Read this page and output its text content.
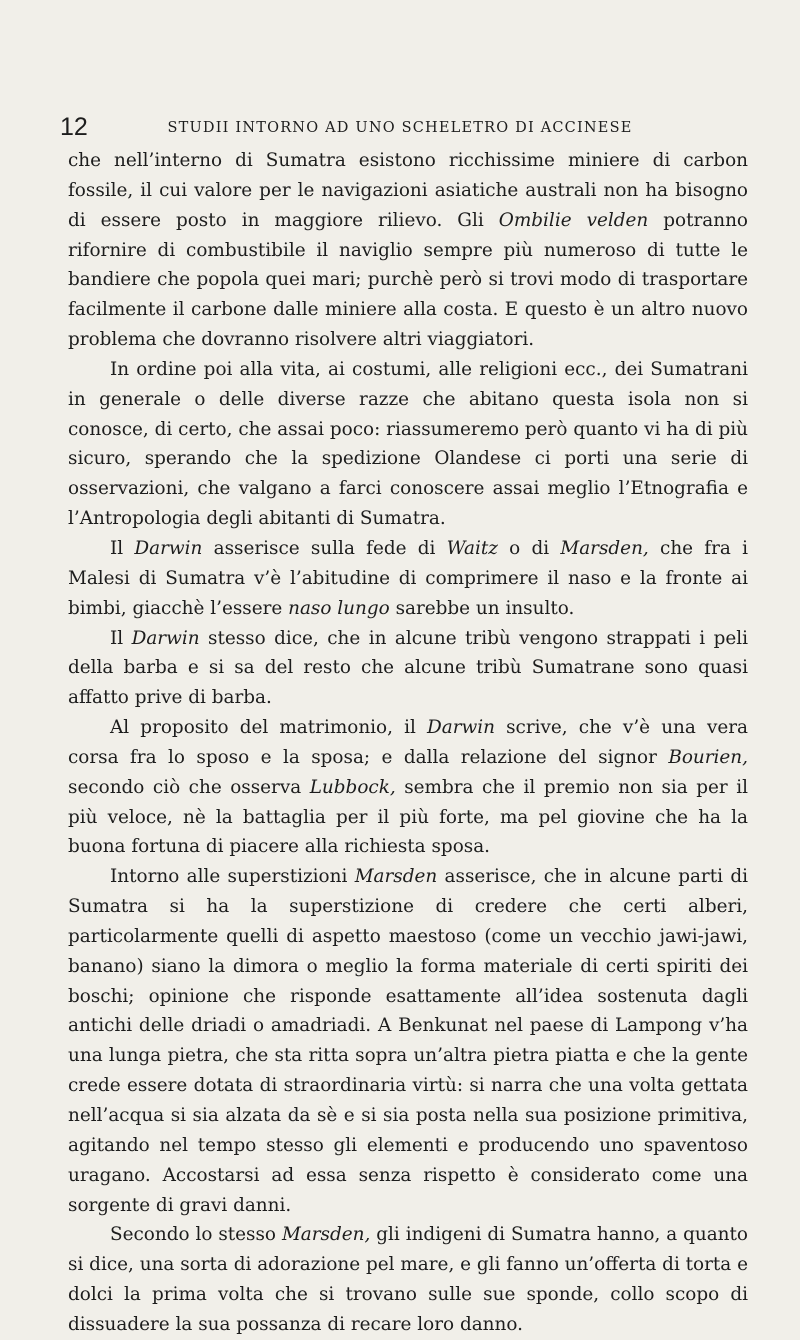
12	STUDII INTORNO AD UNO SCHELETRO DI ACCINESE

che nell’interno di Sumatra esistono ricchissime miniere di carbon fossile, il cui valore per le navigazioni asiatiche australi non ha bisogno di essere posto in maggiore rilievo. Gli Ombilie velden potranno rifornire di combustibile il naviglio sempre più numeroso di tutte le bandiere che popola quei mari; purchè però si trovi modo di trasportare facilmente il carbone dalle miniere alla costa. E questo è un altro nuovo problema che dovranno risolvere altri viaggiatori.

In ordine poi alla vita, ai costumi, alle religioni ecc., dei Sumatrani in generale o delle diverse razze che abitano questa isola non si conosce, di certo, che assai poco: riassumeremo però quanto vi ha di più sicuro, sperando che la spedizione Olandese ci porti una serie di osservazioni, che valgano a farci conoscere assai meglio l’Etnografia e l’Antropologia degli abitanti di Sumatra.

Il Darwin asserisce sulla fede di Waitz o di Marsden, che fra i Malesi di Sumatra v’è l’abitudine di comprimere il naso e la fronte ai bimbi, giacchè l’essere naso lungo sarebbe un insulto.

Il Darwin stesso dice, che in alcune tribù vengono strappati i peli della barba e si sa del resto che alcune tribù Sumatrane sono quasi affatto prive di barba.

Al proposito del matrimonio, il Darwin scrive, che v’è una vera corsa fra lo sposo e la sposa; e dalla relazione del signor Bourien, secondo ciò che osserva Lubbock, sembra che il premio non sia per il più veloce, nè la battaglia per il più forte, ma pel giovine che ha la buona fortuna di piacere alla richiesta sposa.

Intorno alle superstizioni Marsden asserisce, che in alcune parti di Sumatra si ha la superstizione di credere che certi alberi, particolarmente quelli di aspetto maestoso (come un vecchio jawi-jawi, banano) siano la dimora o meglio la forma materiale di certi spiriti dei boschi; opinione che risponde esattamente all’idea sostenuta dagli antichi delle driadi o amadriadi. A Benkunat nel paese di Lampong v’ha una lunga pietra, che sta ritta sopra un’altra pietra piatta e che la gente crede essere dotata di straordinaria virtù: si narra che una volta gettata nell’acqua si sia alzata da sè e si sia posta nella sua posizione primitiva, agitando nel tempo stesso gli elementi e producendo uno spaventoso uragano. Accostarsi ad essa senza rispetto è considerato come una sorgente di gravi danni.

Secondo lo stesso Marsden, gli indigeni di Sumatra hanno, a quanto si dice, una sorta di adorazione pel mare, e gli fanno un’offerta di torta e dolci la prima volta che si trovano sulle sue sponde, collo scopo di dissuadere la sua possanza di recare loro danno.
